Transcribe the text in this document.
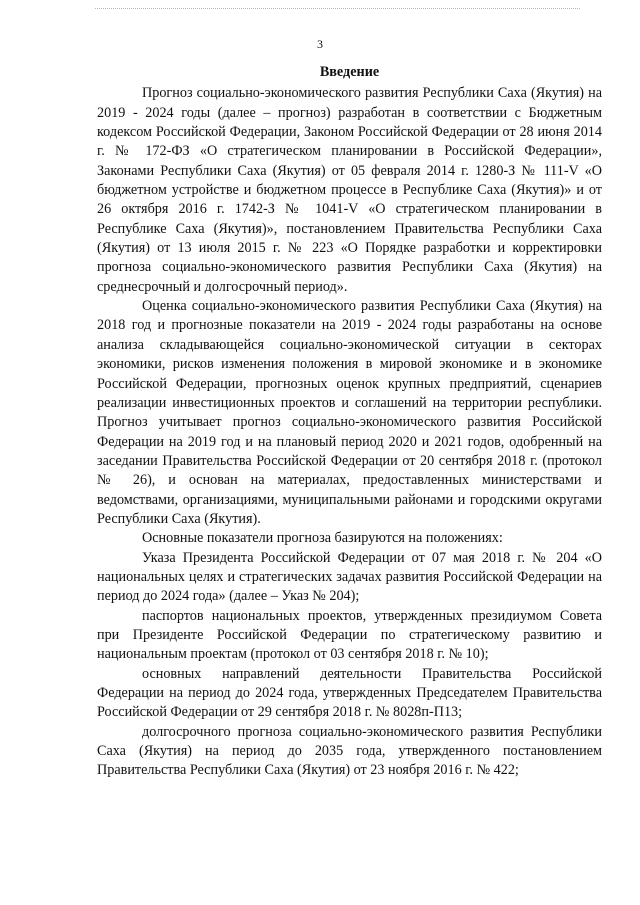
3

Введение

Прогноз социально-экономического развития Республики Саха (Якутия) на 2019 - 2024 годы (далее – прогноз) разработан в соответствии с Бюджетным кодексом Российской Федерации, Законом Российской Федерации от 28 июня 2014 г. № 172-ФЗ «О стратегическом планировании в Российской Федерации», Законами Республики Саха (Якутия) от 05 февраля 2014 г. 1280-З № 111-V «О бюджетном устройстве и бюджетном процессе в Республике Саха (Якутия)» и от 26 октября 2016 г. 1742-З № 1041-V «О стратегическом планировании в Республике Саха (Якутия)», постановлением Правительства Республики Саха (Якутия) от 13 июля 2015 г. № 223 «О Порядке разработки и корректировки прогноза социально-экономического развития Республики Саха (Якутия) на среднесрочный и долгосрочный период».

Оценка социально-экономического развития Республики Саха (Якутия) на 2018 год и прогнозные показатели на 2019 - 2024 годы разработаны на основе анализа складывающейся социально-экономической ситуации в секторах экономики, рисков изменения положения в мировой экономике и в экономике Российской Федерации, прогнозных оценок крупных предприятий, сценариев реализации инвестиционных проектов и соглашений на территории республики. Прогноз учитывает прогноз социально-экономического развития Российской Федерации на 2019 год и на плановый период 2020 и 2021 годов, одобренный на заседании Правительства Российской Федерации от 20 сентября 2018 г. (протокол № 26), и основан на материалах, предоставленных министерствами и ведомствами, организациями, муниципальными районами и городскими округами Республики Саха (Якутия).

Основные показатели прогноза базируются на положениях:

Указа Президента Российской Федерации от 07 мая 2018 г. № 204 «О национальных целях и стратегических задачах развития Российской Федерации на период до 2024 года» (далее – Указ № 204);

паспортов национальных проектов, утвержденных президиумом Совета при Президенте Российской Федерации по стратегическому развитию и национальным проектам (протокол от 03 сентября 2018 г. № 10);

основных направлений деятельности Правительства Российской Федерации на период до 2024 года, утвержденных Председателем Правительства Российской Федерации от 29 сентября 2018 г. № 8028п-П13;

долгосрочного прогноза социально-экономического развития Республики Саха (Якутия) на период до 2035 года, утвержденного постановлением Правительства Республики Саха (Якутия) от 23 ноября 2016 г. № 422;
